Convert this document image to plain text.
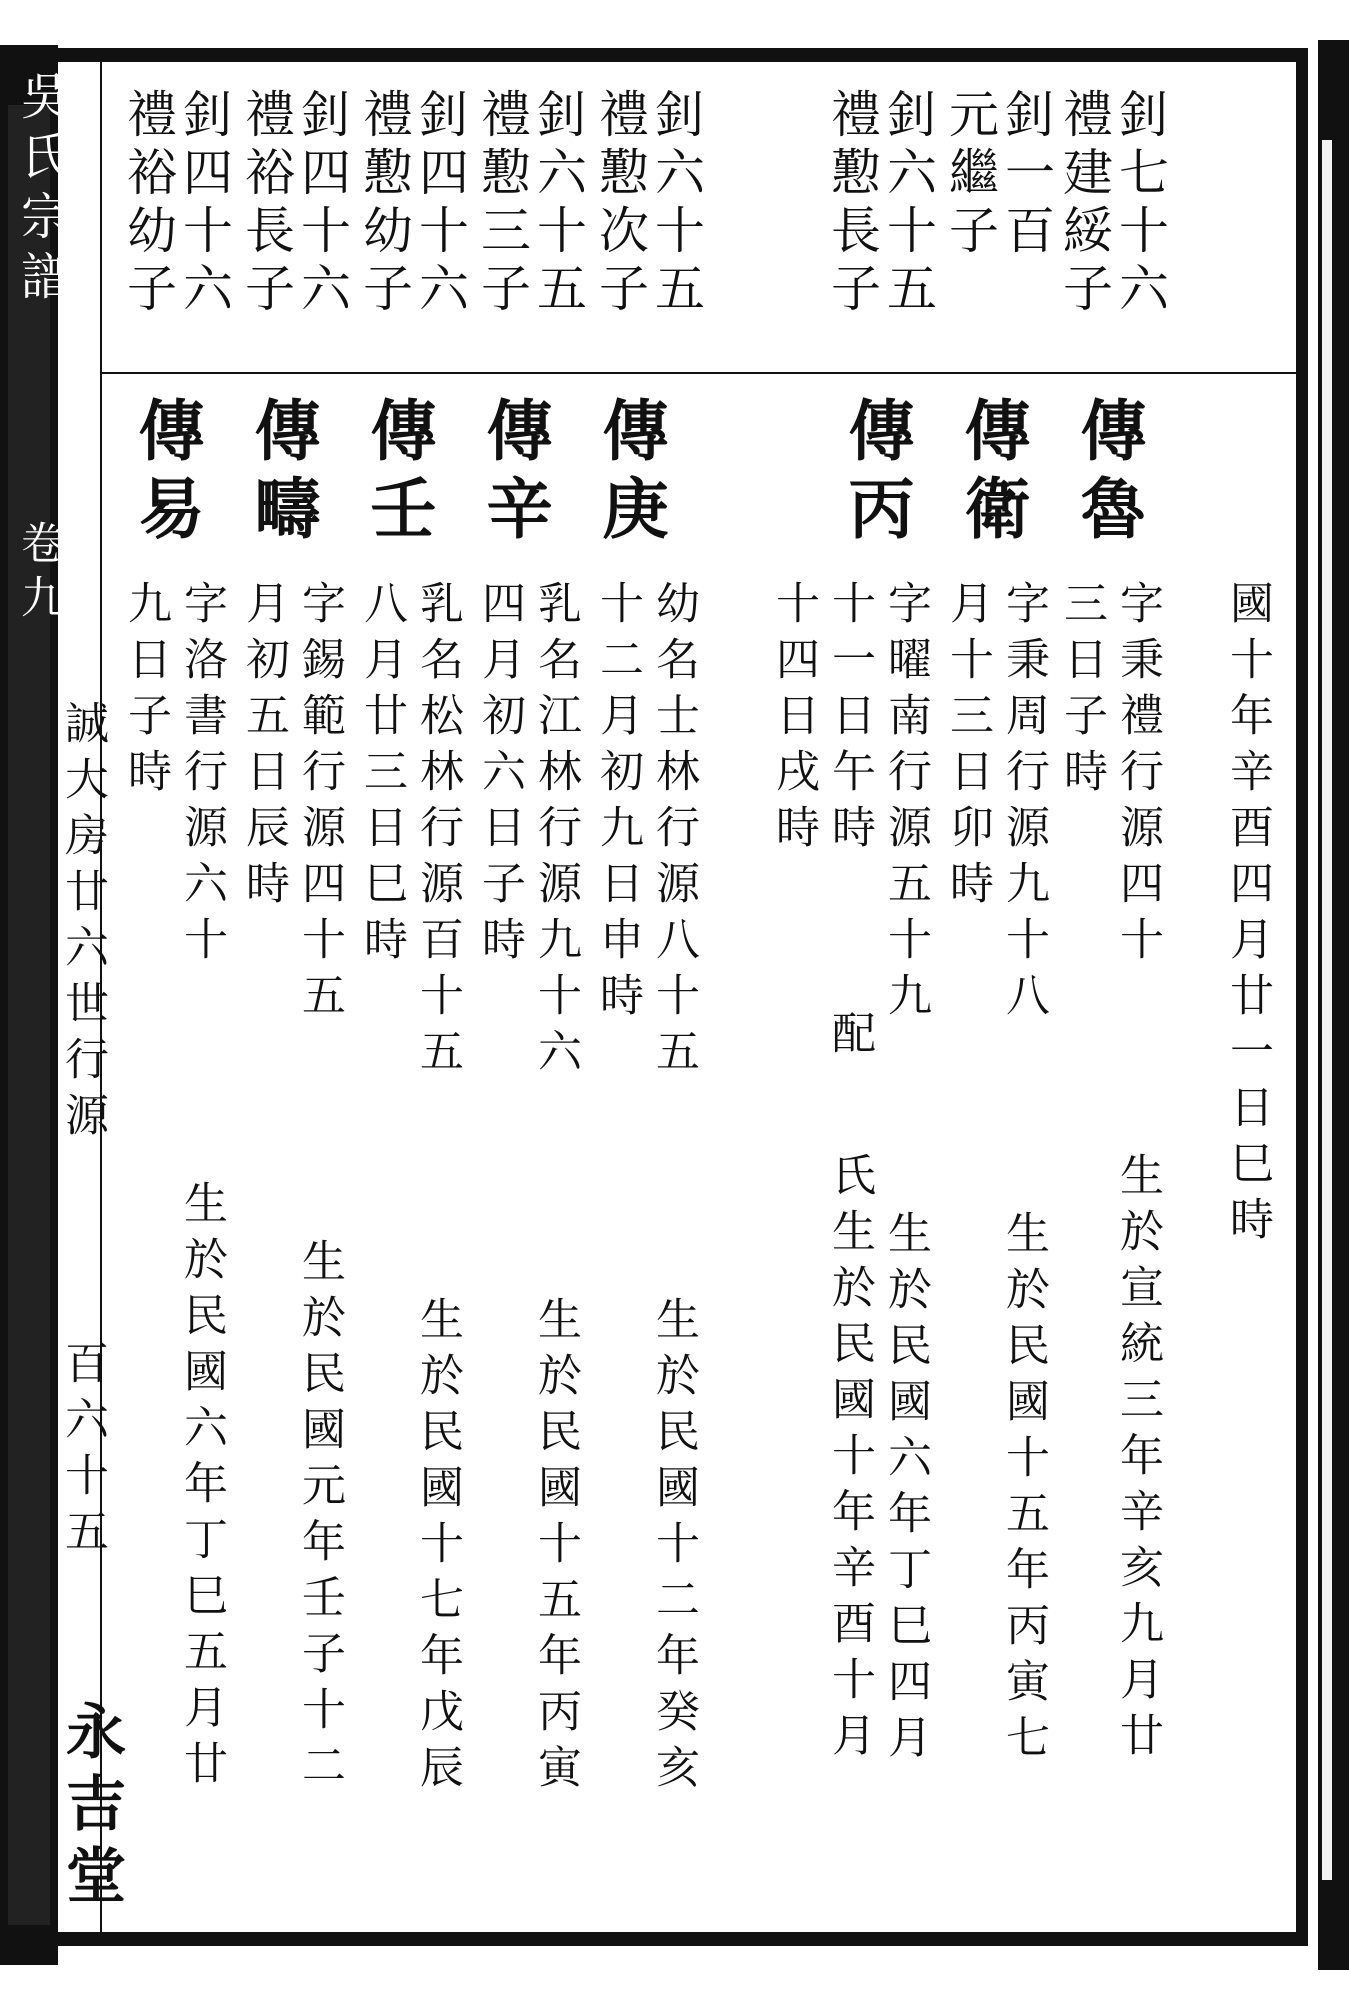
吳氏宗譜
卷九
誠大房廿六世行源
百六十五
永吉堂
釗七十六
禮建綏子
釗一百
元繼子
釗六十五
禮懃長子
釗六十五
禮懃次子
釗六十五
禮懃三子
釗四十六
禮懃幼子
釗四十六
禮裕長子
釗四十六
禮裕幼子
國十年辛酉四月廿一日巳時
傳魯
傳衛
傳丙
傳庚
傳辛
傳壬
傳疇
傳易
字秉禮行源四十
三日子時
生於宣統三年辛亥九月廿
字秉周行源九十八
月十三日卯時
生於民國十五年丙寅七
字曜南行源五十九
十一日午時
十四日戌時
配
氏生於民國十年辛酉十月 生於民國六年丁巳四月
幼名士林行源八十五
十二月初九日申時
生於民國十二年癸亥
乳名江林行源九十六
四月初六日子時
生於民國十五年丙寅
乳名松林行源百十五
八月廿三日巳時
生於民國十七年戊辰
字錫範行源四十五
月初五日辰時
生於民國元年壬子十二
字洛書行源六十
九日子時
生於民國六年丁巳五月廿
